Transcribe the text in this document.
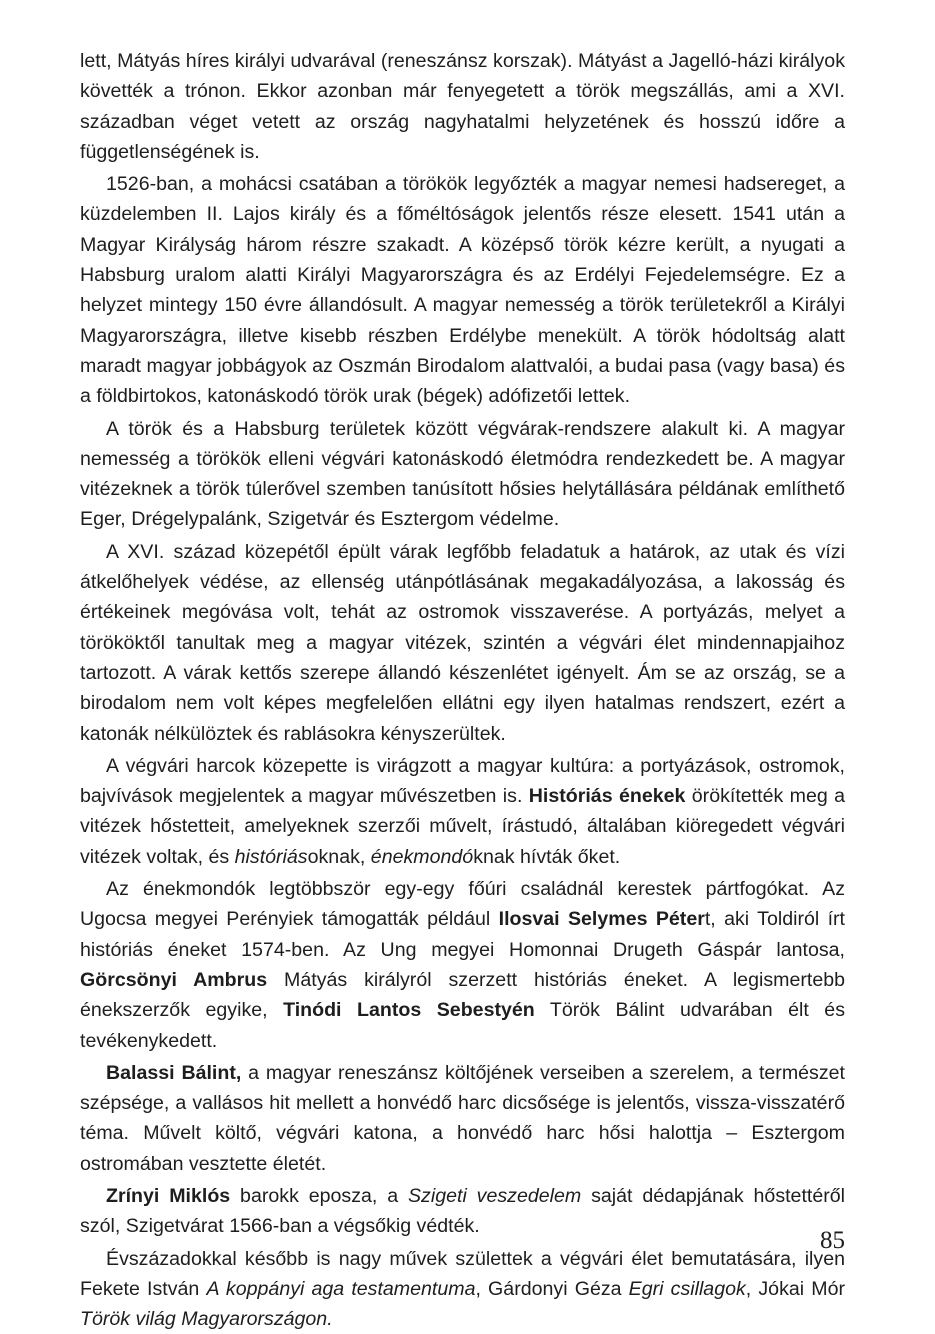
lett, Mátyás híres királyi udvarával (reneszánsz korszak). Mátyást a Jagelló-házi királyok követték a trónon. Ekkor azonban már fenyegetett a török megszállás, ami a XVI. században véget vetett az ország nagyhatalmi helyzetének és hosszú időre a függetlenségének is.

1526-ban, a mohácsi csatában a törökök legyőzték a magyar nemesi hadsereget, a küzdelemben II. Lajos király és a főméltóságok jelentős része elesett. 1541 után a Magyar Királyság három részre szakadt. A középső török kézre került, a nyugati a Habsburg uralom alatti Királyi Magyarországra és az Erdélyi Fejedelemségre. Ez a helyzet mintegy 150 évre állandósult. A magyar nemesség a török területekről a Királyi Magyarországra, illetve kisebb részben Erdélybe menekült. A török hódoltság alatt maradt magyar jobbágyok az Oszmán Birodalom alattvalói, a budai pasa (vagy basa) és a földbirtokos, katonáskodó török urak (bégek) adófizetői lettek.

A török és a Habsburg területek között végvárak-rendszere alakult ki. A magyar nemesség a törökök elleni végvári katonáskodó életmódra rendezkedett be. A magyar vitézeknek a török túlerővel szemben tanúsított hősies helytállására példának említhető Eger, Drégelypalánk, Szigetvár és Esztergom védelme.

A XVI. század közepétől épült várak legfőbb feladatuk a határok, az utak és vízi átkelőhelyek védése, az ellenség utánpótlásának megakadályozása, a lakosság és értékeinek megóvása volt, tehát az ostromok visszaverése. A portyázás, melyet a törököktől tanultak meg a magyar vitézek, szintén a végvári élet mindennapjaihoz tartozott. A várak kettős szerepe állandó készenlétet igényelt. Ám se az ország, se a birodalom nem volt képes megfelelően ellátni egy ilyen hatalmas rendszert, ezért a katonák nélkülöztek és rablásokra kényszerültek.

A végvári harcok közepette is virágzott a magyar kultúra: a portyázások, ostromok, bajvívások megjelentek a magyar művészetben is. Históriás énekek örökítették meg a vitézek hőstetteit, amelyeknek szerzői művelt, írástudó, általában kiöregedett végvári vitézek voltak, és históriásoknak, énekmondóknak hívták őket.

Az énekmondók legtöbbször egy-egy főúri családnál kerestek pártfogókat. Az Ugocsa megyei Perényiek támogatták például Ilosvai Selymes Pétert, aki Toldiról írt históriás éneket 1574-ben. Az Ung megyei Homonnai Drugeth Gáspár lantosa, Görcsönyi Ambrus Mátyás királyról szerzett históriás éneket. A legismertebb énekszerzők egyike, Tinódi Lantos Sebestyén Török Bálint udvarában élt és tevékenykedett.

Balassi Bálint, a magyar reneszánsz költőjének verseiben a szerelem, a természet szépsége, a vallásos hit mellett a honvédő harc dicsősége is jelentős, vissza-visszatérő téma. Művelt költő, végvári katona, a honvédő harc hősi halottja – Esztergom ostromában vesztette életét.

Zrínyi Miklós barokk eposza, a Szigeti veszedelem saját dédapjának hőstettéről szól, Szigetvárat 1566-ban a végsőkig védték.

Évszázadokkal később is nagy művek születtek a végvári élet bemutatására, ilyen Fekete István A koppányi aga testamentuma, Gárdonyi Géza Egri csillagok, Jókai Mór Török világ Magyarországon.

85
